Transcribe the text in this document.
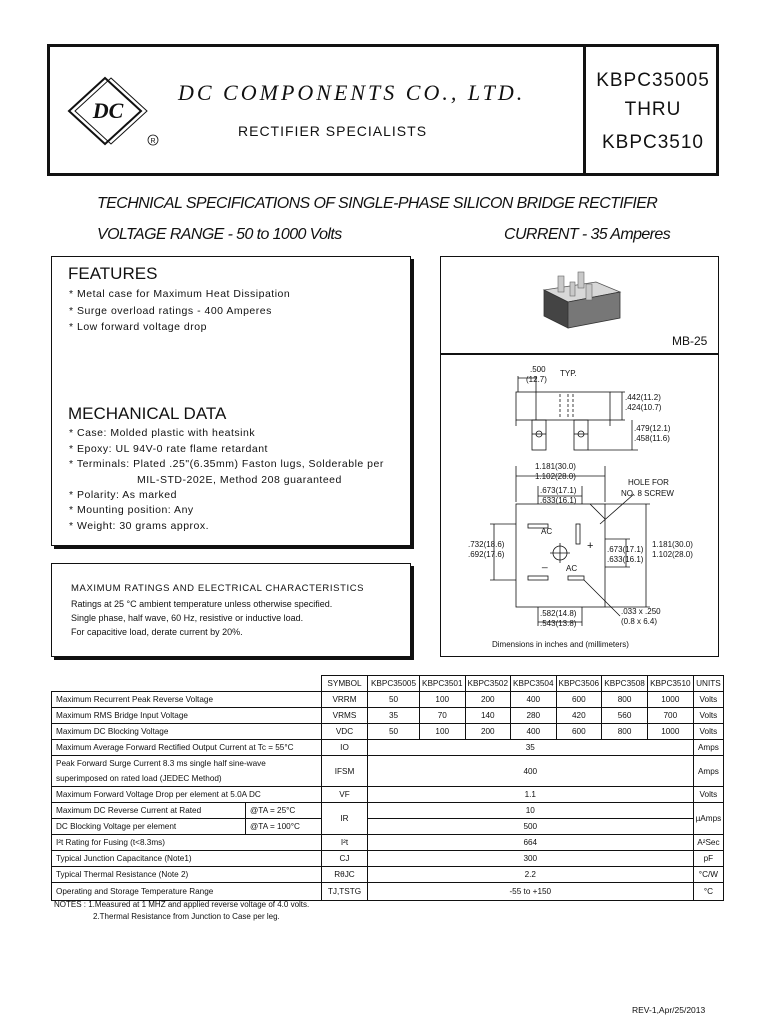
DC
R
DC COMPONENTS CO., LTD.
RECTIFIER SPECIALISTS
KBPC35005
THRU
KBPC3510
TECHNICAL SPECIFICATIONS OF SINGLE-PHASE SILICON BRIDGE RECTIFIER
VOLTAGE RANGE - 50 to 1000 Volts	CURRENT - 35 Amperes
FEATURES
* Metal case for Maximum Heat Dissipation
* Surge overload ratings - 400 Amperes
* Low forward voltage drop
MECHANICAL DATA
* Case: Molded plastic with heatsink
* Epoxy: UL 94V-0 rate flame retardant
* Terminals: Plated .25"(6.35mm) Faston lugs, Solderable per
MIL-STD-202E, Method 208 guaranteed
* Polarity: As marked
* Mounting position: Any
* Weight: 30 grams approx.
MAXIMUM RATINGS AND ELECTRICAL CHARACTERISTICS
Ratings at 25 °C ambient temperature unless otherwise specified.
Single phase, half wave, 60 Hz, resistive or inductive load.
For capacitive load, derate current by 20%.
MB-25
.500
(12.7)
TYP.
.442(11.2)
.424(10.7)
.479(12.1)
.458(11.6)
1.181(30.0)
1.102(28.0)
.673(17.1)
.633(16.1)
HOLE FOR
NO. 8 SCREW
.732(18.6)
.692(17.6)
.673(17.1)
.633(16.1)
1.181(30.0)
1.102(28.0)
.582(14.8)
.543(13.8)
.033 x .250
(0.8 x 6.4)
AC
AC
+
_
Dimensions in inches and (millimeters)
		SYMBOL	KBPC35005	KBPC3501	KBPC3502	KBPC3504	KBPC3506	KBPC3508	KBPC3510	UNITS
Maximum Recurrent Peak Reverse Voltage		VRRM	50	100	200	400	600	800	1000	Volts
Maximum RMS Bridge Input Voltage		VRMS	35	70	140	280	420	560	700	Volts
Maximum DC Blocking Voltage		VDC	50	100	200	400	600	800	1000	Volts
Maximum Average Forward Rectified Output Current at Tc = 55°C		IO	35							Amps
Peak Forward Surge Current 8.3 ms single half sine-wave
superimposed on rated load (JEDEC Method)		IFSM	400							Amps
Maximum Forward Voltage Drop per element at 5.0A DC		VF	1.1							Volts
Maximum DC Reverse Current at Rated	@TA = 25°C	IR	10							µAmps
DC Blocking Voltage per element	@TA = 100°C		500							
I²t Rating for Fusing (t<8.3ms)		I²t	664							A²Sec
Typical Junction Capacitance (Note1)		CJ	300							pF
Typical Thermal Resistance (Note 2)		RθJC	2.2							°C/W
Operating and Storage Temperature Range		TJ,TSTG	-55 to +150							°C
NOTES : 1.Measured at 1 MHZ and applied reverse voltage of 4.0 volts.
2.Thermal Resistance from Junction to Case per leg.
REV-1,Apr/25/2013
